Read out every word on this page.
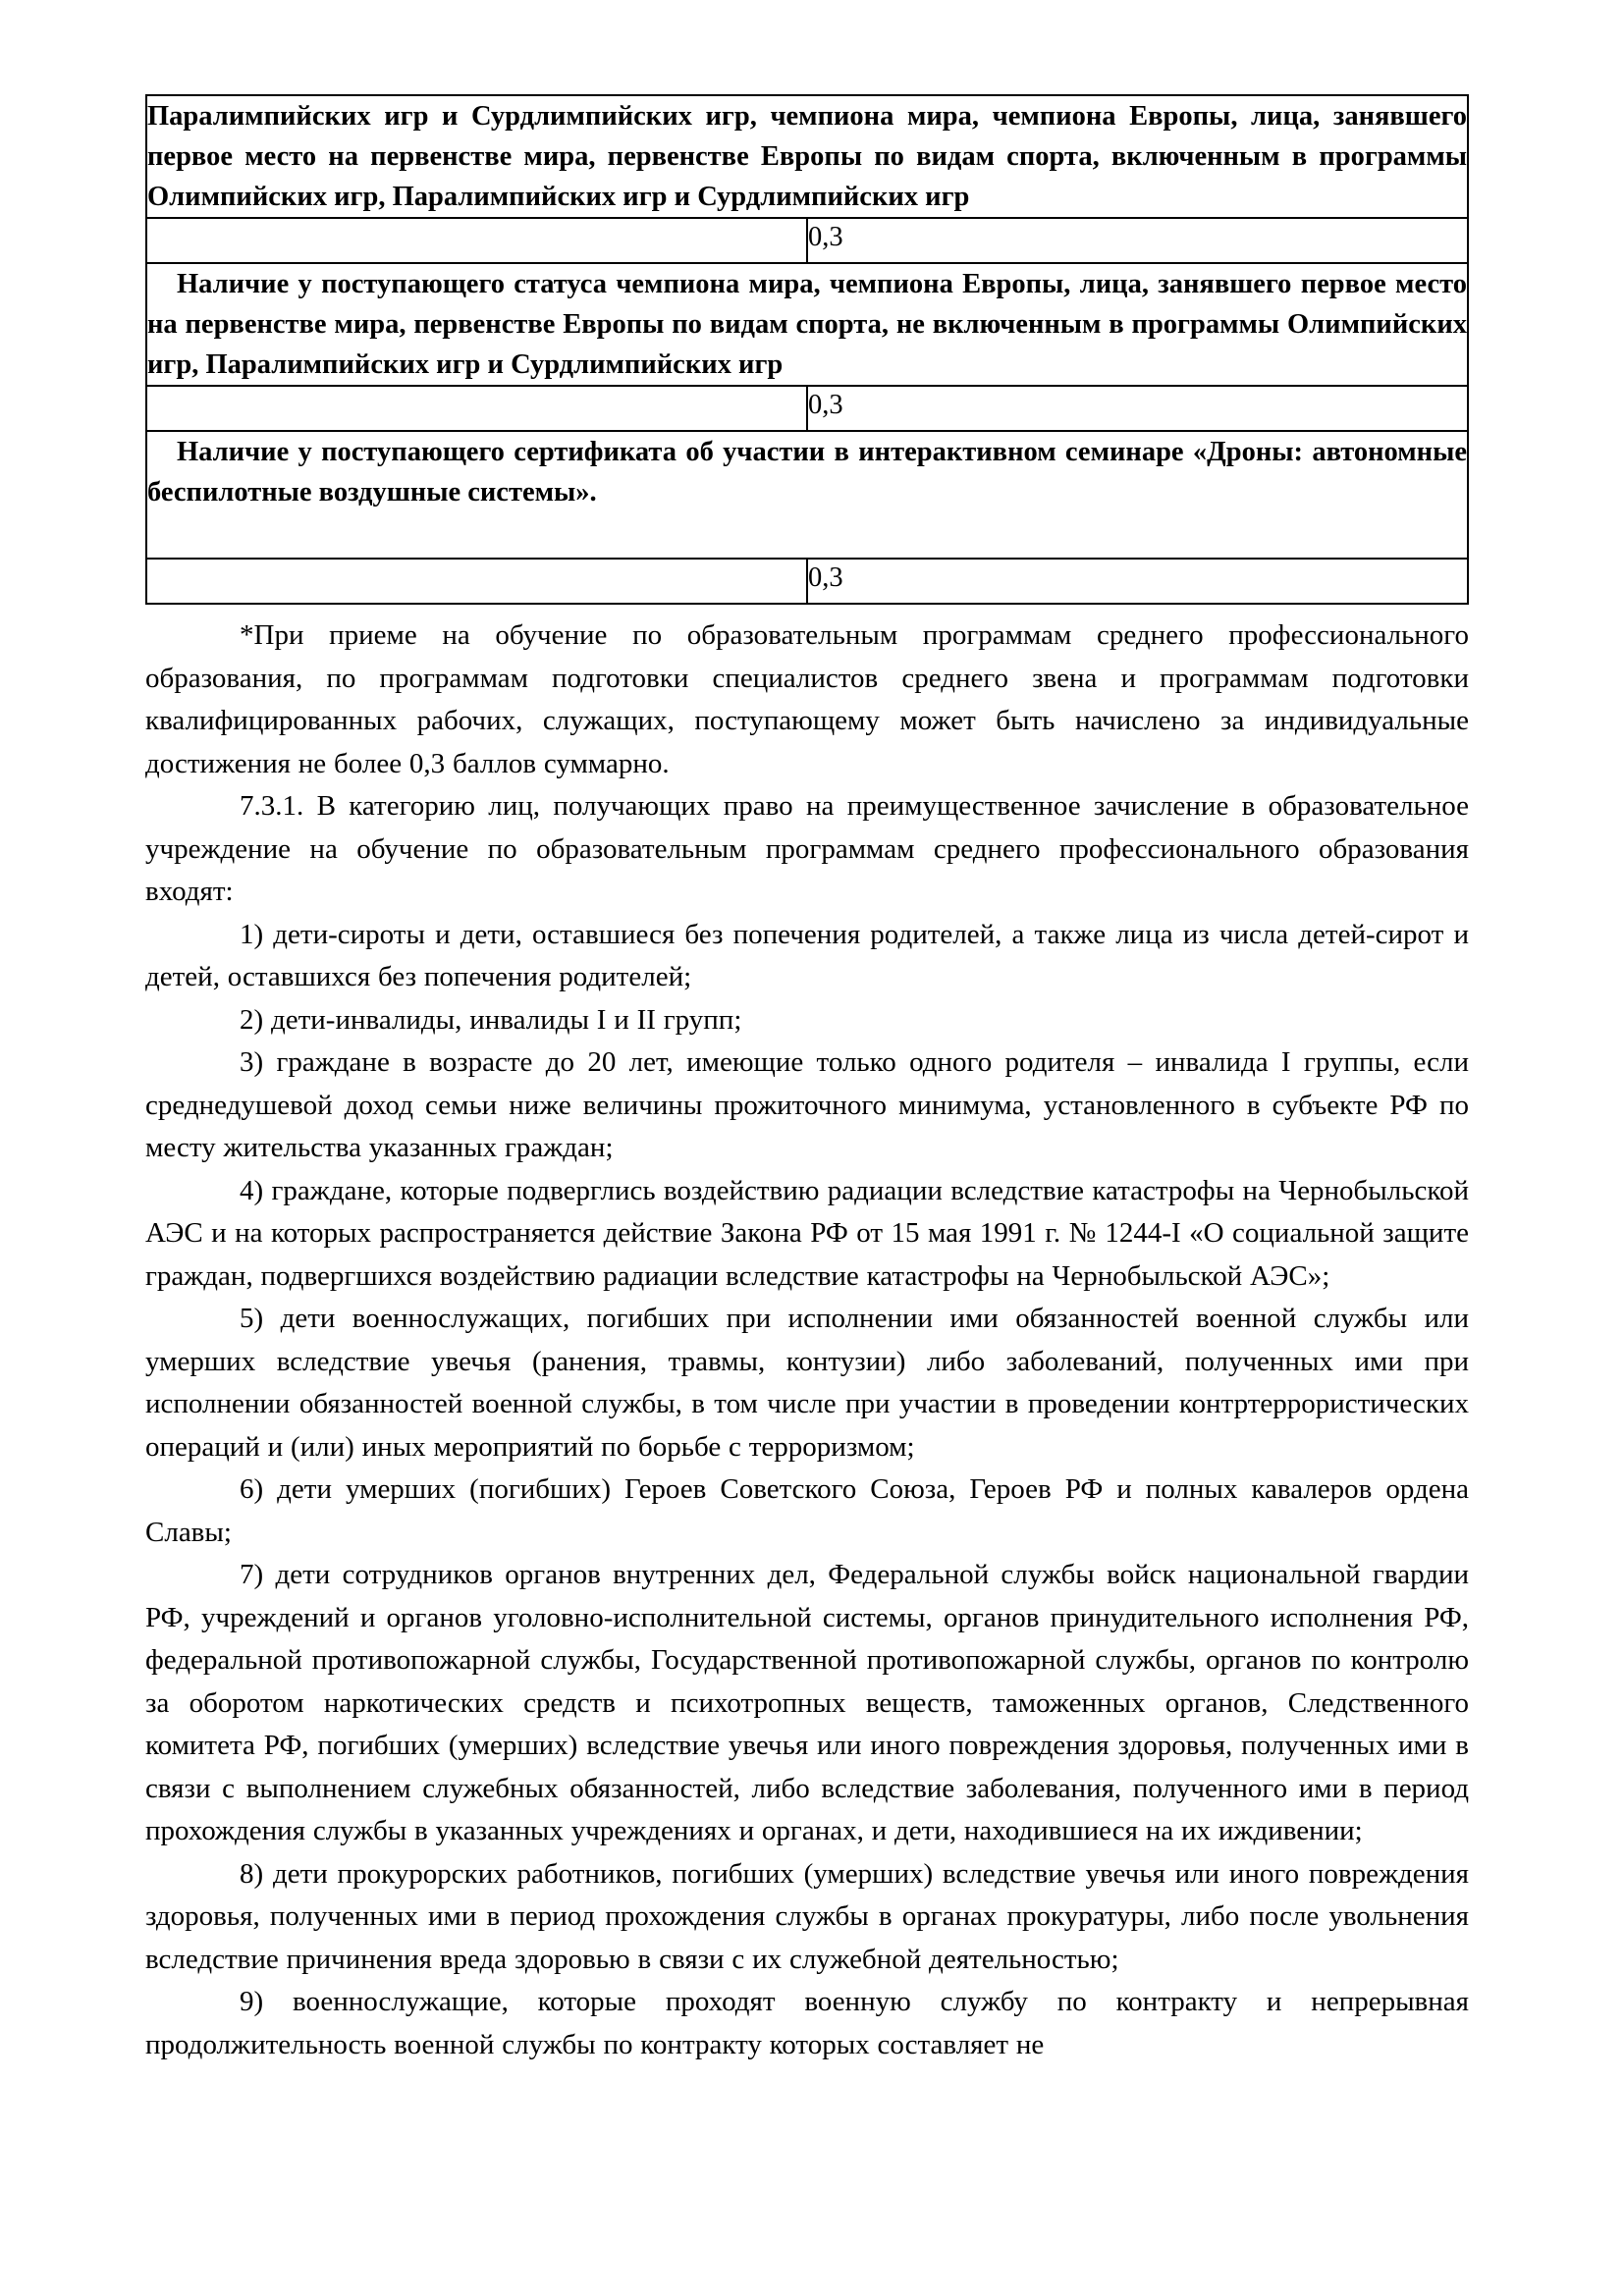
Паралимпийских игр и Сурдлимпийских игр, чемпиона мира, чемпиона Европы, лица, занявшего первое место на первенстве мира, первенстве Европы по видам спорта, включенным в программы Олимпийских игр, Паралимпийских игр и Сурдлимпийских игр	
	0,3
Наличие у поступающего статуса чемпиона мира, чемпиона Европы, лица, занявшего первое место на первенстве мира, первенстве Европы по видам спорта, не включенным в программы Олимпийских игр, Паралимпийских игр и Сурдлимпийских игр	
	0,3
Наличие у поступающего сертификата об участии в интерактивном семинаре «Дроны: автономные беспилотные воздушные системы».	
	0,3

*При приеме на обучение по образовательным программам среднего профессионального образования, по программам подготовки специалистов среднего звена и программам подготовки квалифицированных рабочих, служащих, поступающему может быть начислено за индивидуальные достижения не более 0,3 баллов суммарно.

7.3.1. В категорию лиц, получающих право на преимущественное зачисление в образовательное учреждение на обучение по образовательным программам среднего профессионального образования входят:

1) дети-сироты и дети, оставшиеся без попечения родителей, а также лица из числа детей-сирот и детей, оставшихся без попечения родителей;

2) дети-инвалиды, инвалиды I и II групп;

3) граждане в возрасте до 20 лет, имеющие только одного родителя – инвалида I группы, если среднедушевой доход семьи ниже величины прожиточного минимума, установленного в субъекте РФ по месту жительства указанных граждан;

4) граждане, которые подверглись воздействию радиации вследствие катастрофы на Чернобыльской АЭС и на которых распространяется действие Закона РФ от 15 мая 1991 г. № 1244-I «О социальной защите граждан, подвергшихся воздействию радиации вследствие катастрофы на Чернобыльской АЭС»;

5) дети военнослужащих, погибших при исполнении ими обязанностей военной службы или умерших вследствие увечья (ранения, травмы, контузии) либо заболеваний, полученных ими при исполнении обязанностей военной службы, в том числе при участии в проведении контртеррористических операций и (или) иных мероприятий по борьбе с терроризмом;

6) дети умерших (погибших) Героев Советского Союза, Героев РФ и полных кавалеров ордена Славы;

7) дети сотрудников органов внутренних дел, Федеральной службы войск национальной гвардии РФ, учреждений и органов уголовно-исполнительной системы, органов принудительного исполнения РФ, федеральной противопожарной службы, Государственной противопожарной службы, органов по контролю за оборотом наркотических средств и психотропных веществ, таможенных органов, Следственного комитета РФ, погибших (умерших) вследствие увечья или иного повреждения здоровья, полученных ими в связи с выполнением служебных обязанностей, либо вследствие заболевания, полученного ими в период прохождения службы в указанных учреждениях и органах, и дети, находившиеся на их иждивении;

8) дети прокурорских работников, погибших (умерших) вследствие увечья или иного повреждения здоровья, полученных ими в период прохождения службы в органах прокуратуры, либо после увольнения вследствие причинения вреда здоровью в связи с их служебной деятельностью;

9) военнослужащие, которые проходят военную службу по контракту и непрерывная продолжительность военной службы по контракту которых составляет не
